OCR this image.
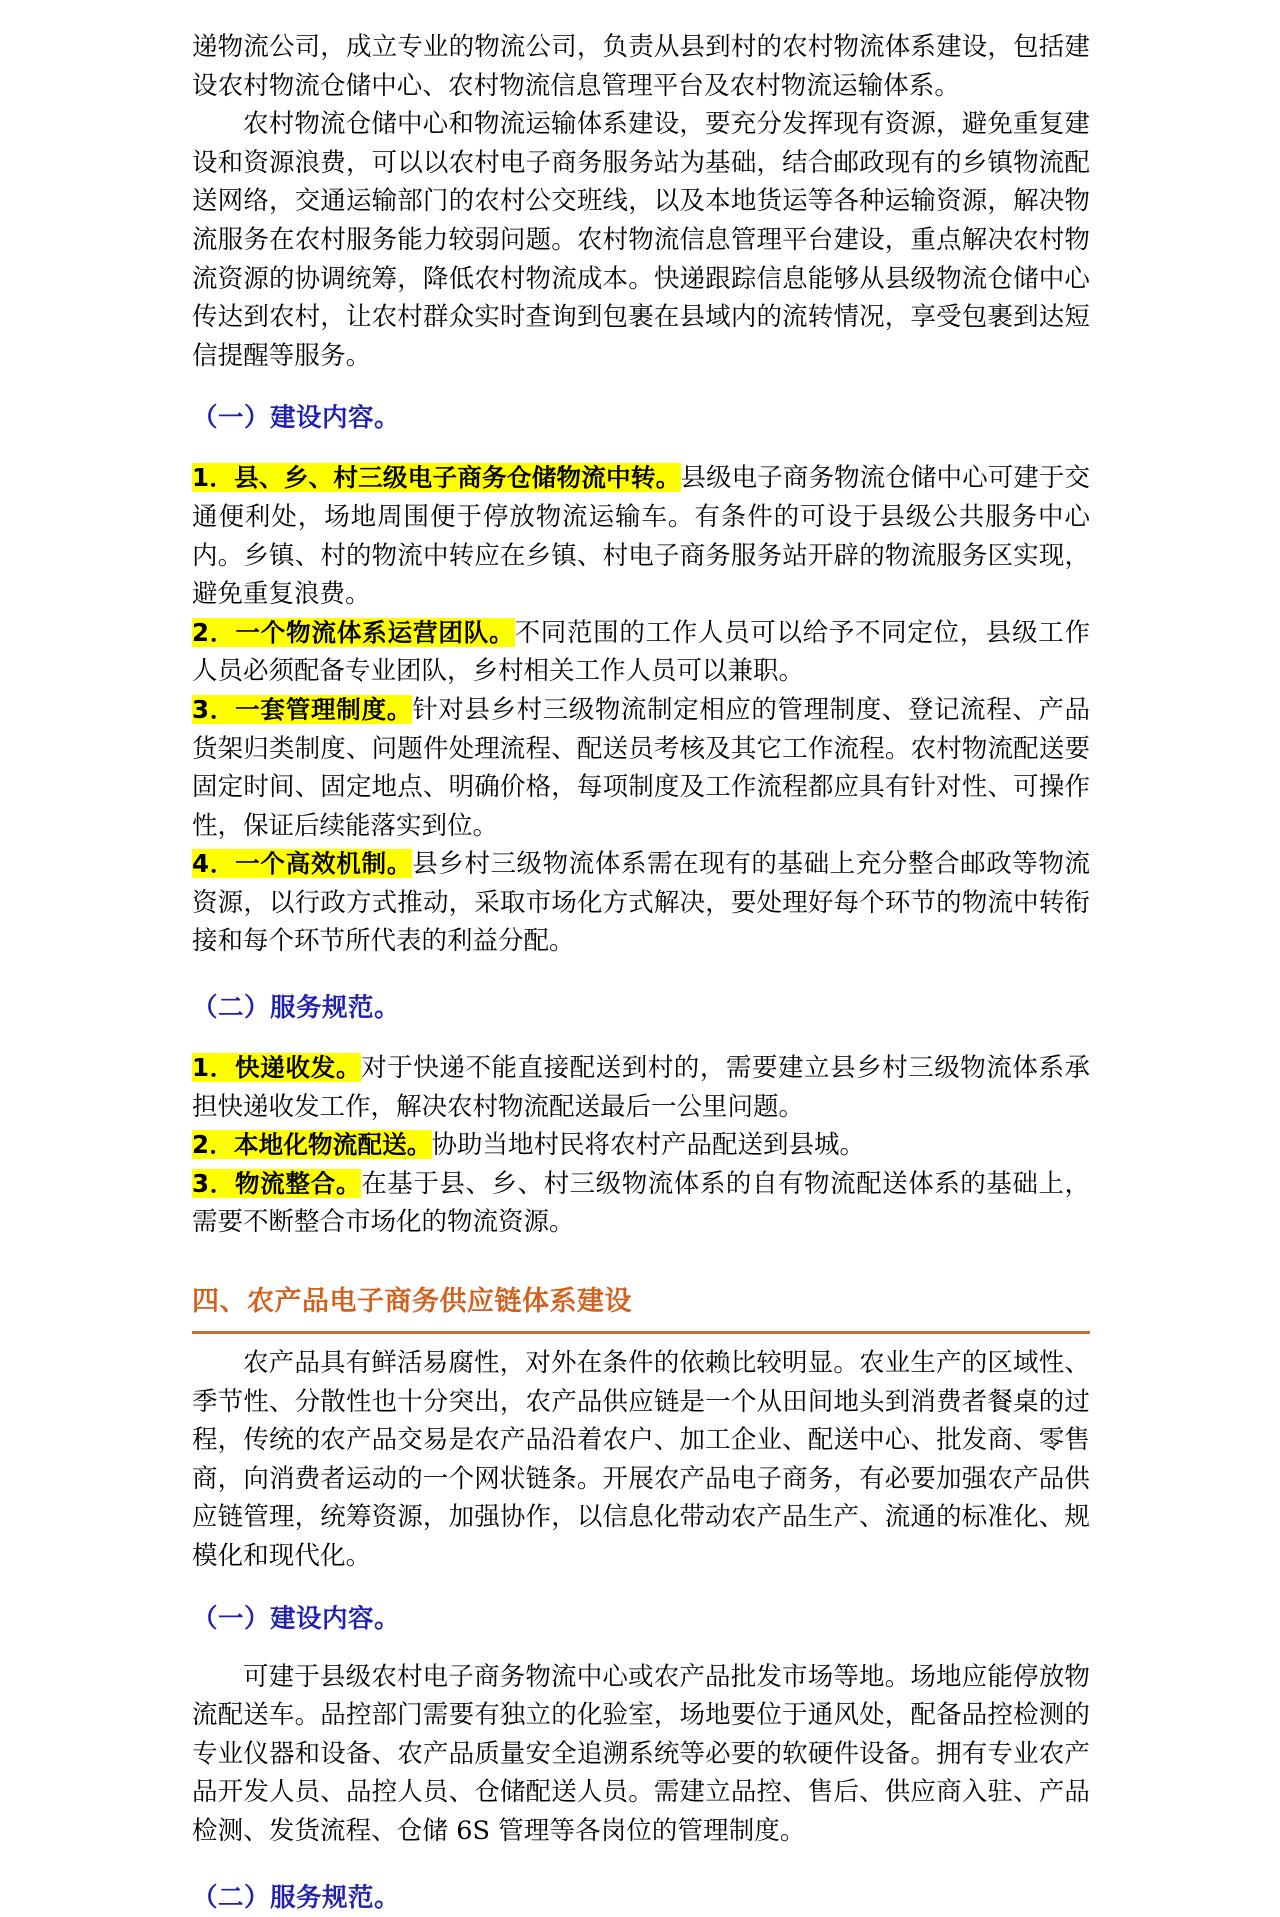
递物流公司，成立专业的物流公司，负责从县到村的农村物流体系建设，包括建设农村物流仓储中心、农村物流信息管理平台及农村物流运输体系。

农村物流仓储中心和物流运输体系建设，要充分发挥现有资源，避免重复建设和资源浪费，可以以农村电子商务服务站为基础，结合邮政现有的乡镇物流配送网络，交通运输部门的农村公交班线，以及本地货运等各种运输资源，解决物流服务在农村服务能力较弱问题。农村物流信息管理平台建设，重点解决农村物流资源的协调统筹，降低农村物流成本。快递跟踪信息能够从县级物流仓储中心传达到农村，让农村群众实时查询到包裹在县域内的流转情况，享受包裹到达短信提醒等服务。

（一）建设内容。

1．县、乡、村三级电子商务仓储物流中转。县级电子商务物流仓储中心可建于交通便利处，场地周围便于停放物流运输车。有条件的可设于县级公共服务中心内。乡镇、村的物流中转应在乡镇、村电子商务服务站开辟的物流服务区实现，避免重复浪费。

2．一个物流体系运营团队。不同范围的工作人员可以给予不同定位，县级工作人员必须配备专业团队，乡村相关工作人员可以兼职。

3．一套管理制度。针对县乡村三级物流制定相应的管理制度、登记流程、产品货架归类制度、问题件处理流程、配送员考核及其它工作流程。农村物流配送要固定时间、固定地点、明确价格，每项制度及工作流程都应具有针对性、可操作性，保证后续能落实到位。

4．一个高效机制。县乡村三级物流体系需在现有的基础上充分整合邮政等物流资源，以行政方式推动，采取市场化方式解决，要处理好每个环节的物流中转衔接和每个环节所代表的利益分配。

（二）服务规范。

1．快递收发。对于快递不能直接配送到村的，需要建立县乡村三级物流体系承担快递收发工作，解决农村物流配送最后一公里问题。

2．本地化物流配送。协助当地村民将农村产品配送到县城。

3．物流整合。在基于县、乡、村三级物流体系的自有物流配送体系的基础上，需要不断整合市场化的物流资源。

四、农产品电子商务供应链体系建设

农产品具有鲜活易腐性，对外在条件的依赖比较明显。农业生产的区域性、季节性、分散性也十分突出，农产品供应链是一个从田间地头到消费者餐桌的过程，传统的农产品交易是农产品沿着农户、加工企业、配送中心、批发商、零售商，向消费者运动的一个网状链条。开展农产品电子商务，有必要加强农产品供应链管理，统筹资源，加强协作，以信息化带动农产品生产、流通的标准化、规模化和现代化。

（一）建设内容。

可建于县级农村电子商务物流中心或农产品批发市场等地。场地应能停放物流配送车。品控部门需要有独立的化验室，场地要位于通风处，配备品控检测的专业仪器和设备、农产品质量安全追溯系统等必要的软硬件设备。拥有专业农产品开发人员、品控人员、仓储配送人员。需建立品控、售后、供应商入驻、产品检测、发货流程、仓储 6S 管理等各岗位的管理制度。

（二）服务规范。
